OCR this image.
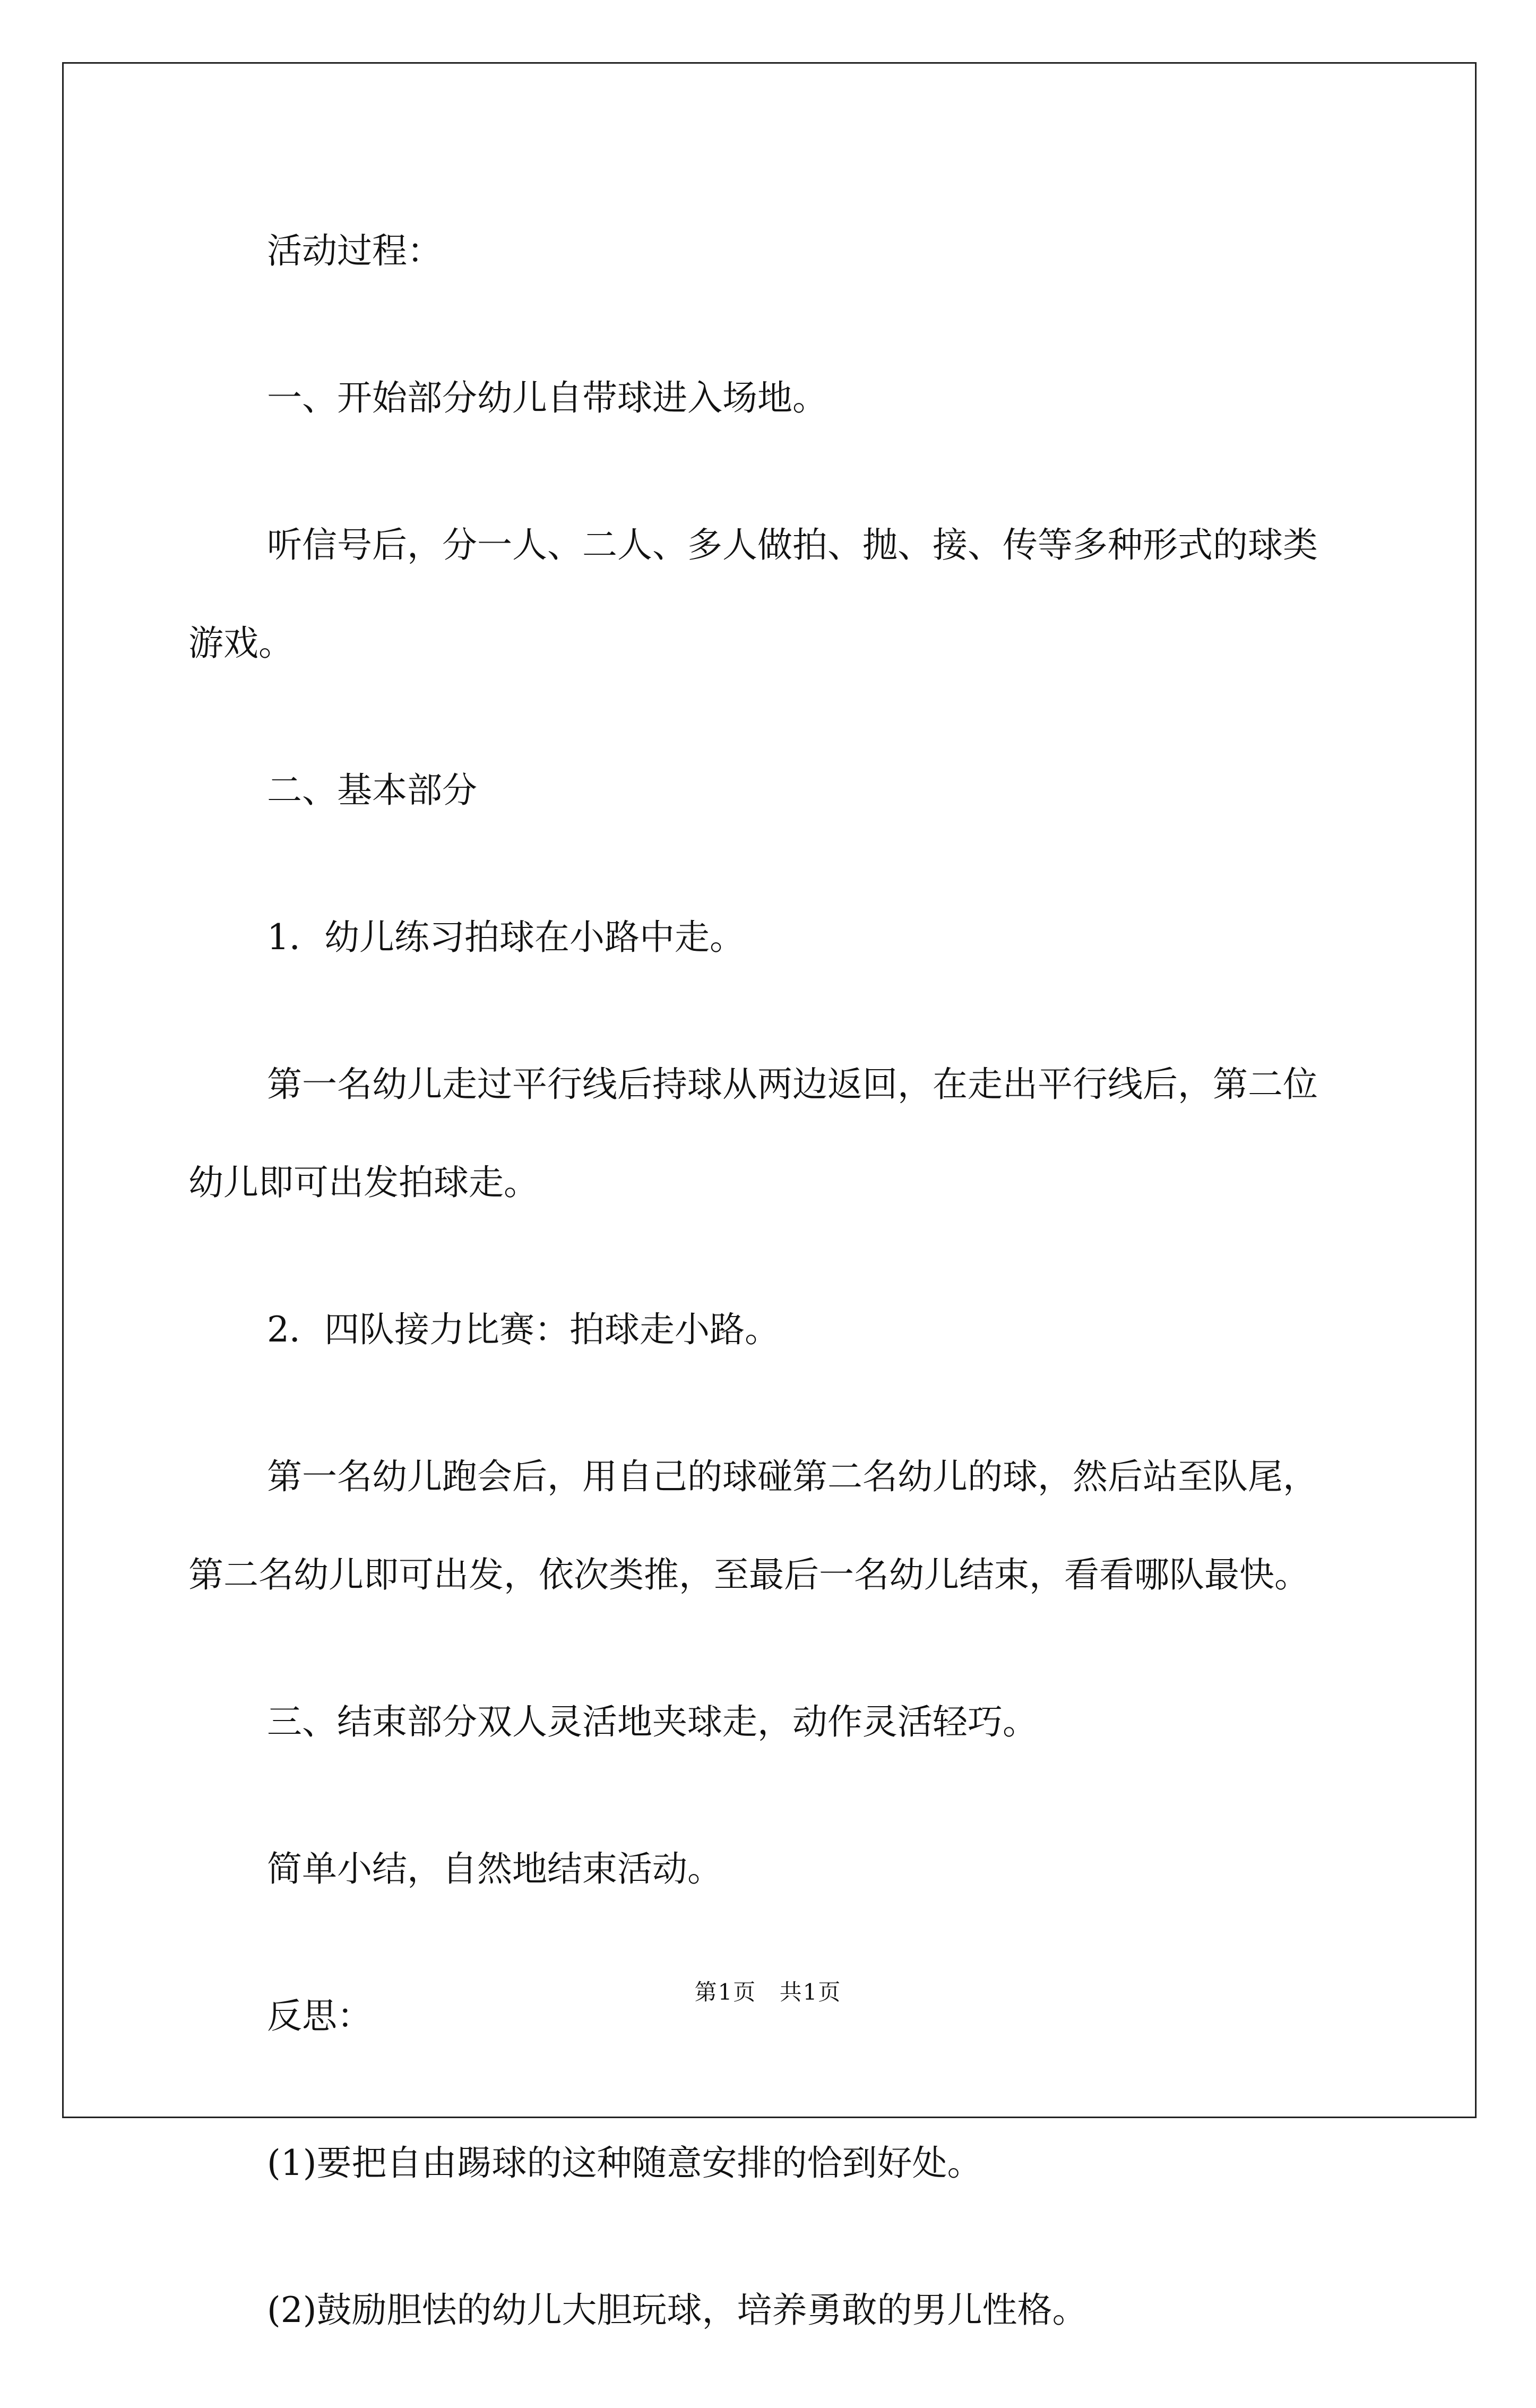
活动过程：

一、开始部分幼儿自带球进入场地。

听信号后，分一人、二人、多人做拍、抛、接、传等多种形式的球类游戏。

二、基本部分

1．幼儿练习拍球在小路中走。

第一名幼儿走过平行线后持球从两边返回，在走出平行线后，第二位幼儿即可出发拍球走。

2．四队接力比赛：拍球走小路。

第一名幼儿跑会后，用自己的球碰第二名幼儿的球，然后站至队尾，第二名幼儿即可出发，依次类推，至最后一名幼儿结束，看看哪队最快。

三、结束部分双人灵活地夹球走，动作灵活轻巧。

简单小结，自然地结束活动。

反思：

(1)要把自由踢球的这种随意安排的恰到好处。

(2)鼓励胆怯的幼儿大胆玩球，培养勇敢的男儿性格。

第1页 共1页
